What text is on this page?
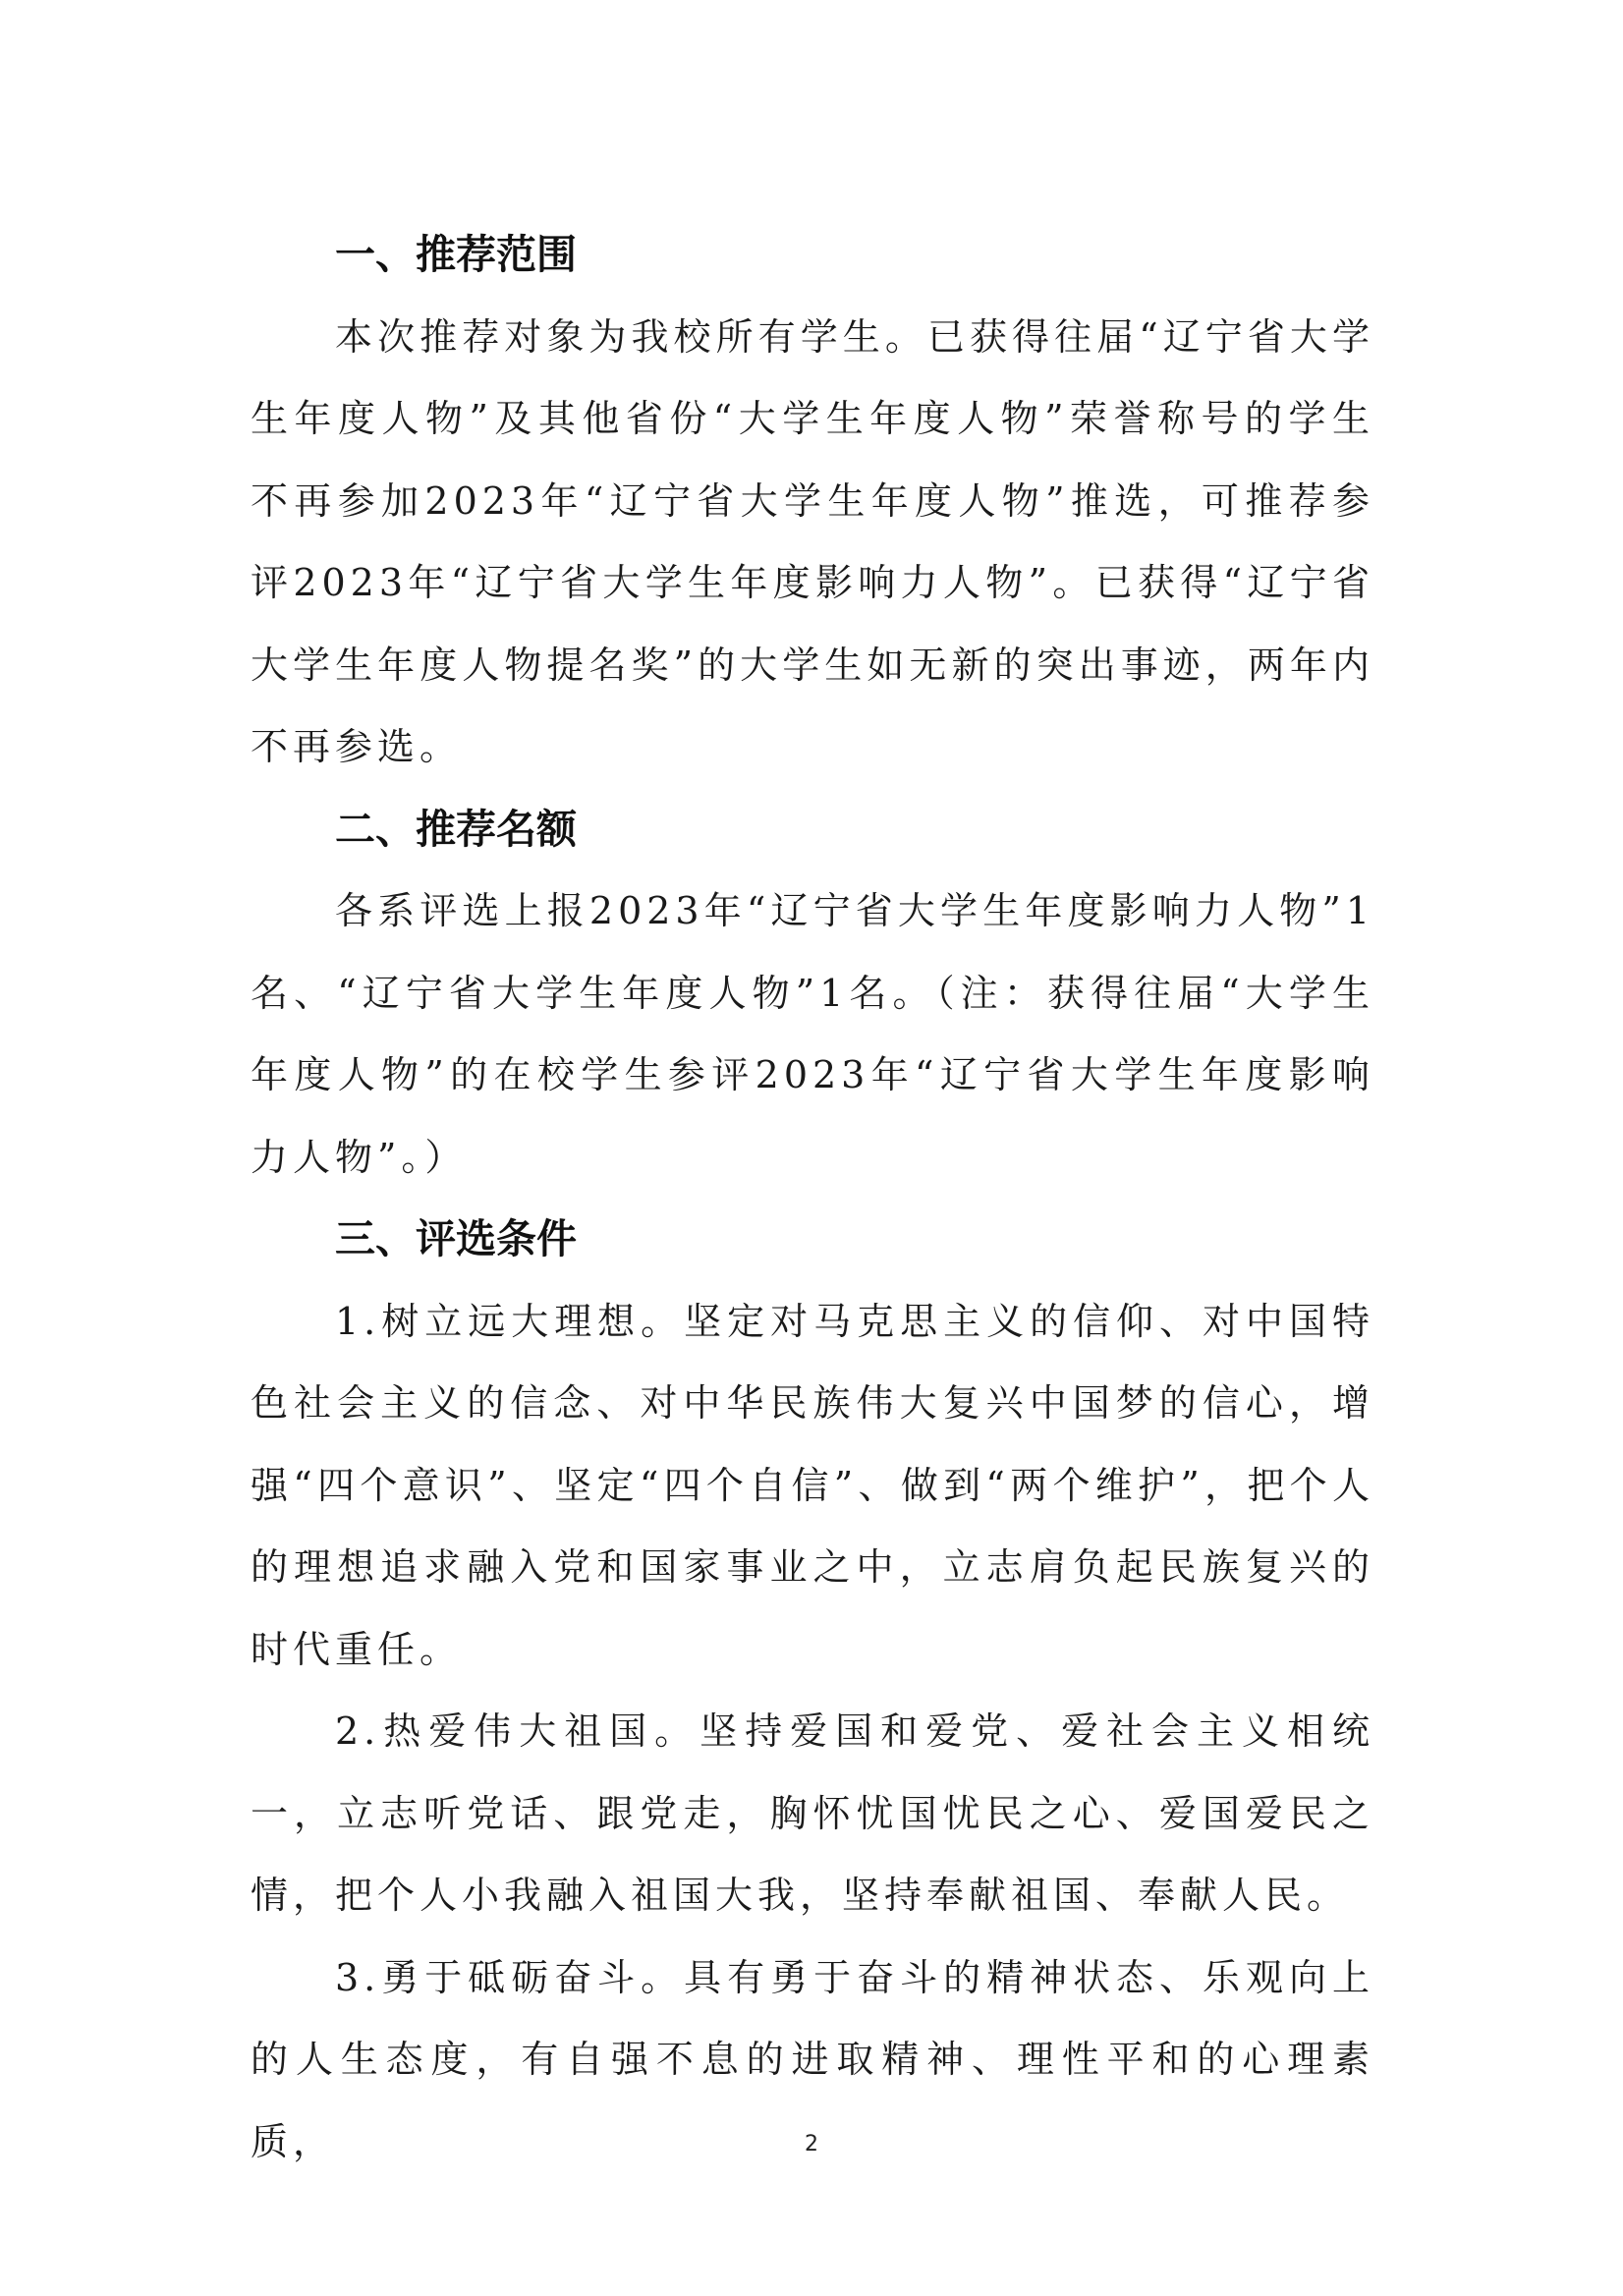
一、推荐范围

本次推荐对象为我校所有学生。已获得往届“辽宁省大学生年度人物”及其他省份“大学生年度人物”荣誉称号的学生不再参加2023年“辽宁省大学生年度人物”推选，可推荐参评2023年“辽宁省大学生年度影响力人物”。已获得“辽宁省大学生年度人物提名奖”的大学生如无新的突出事迹，两年内不再参选。

二、推荐名额

各系评选上报2023年“辽宁省大学生年度影响力人物”1名、“辽宁省大学生年度人物”1名。（注：获得往届“大学生年度人物”的在校学生参评2023年“辽宁省大学生年度影响力人物”。）

三、评选条件

1.树立远大理想。坚定对马克思主义的信仰、对中国特色社会主义的信念、对中华民族伟大复兴中国梦的信心，增强“四个意识”、坚定“四个自信”、做到“两个维护”，把个人的理想追求融入党和国家事业之中，立志肩负起民族复兴的时代重任。

2.热爱伟大祖国。坚持爱国和爱党、爱社会主义相统一，立志听党话、跟党走，胸怀忧国忧民之心、爱国爱民之情，把个人小我融入祖国大我，坚持奉献祖国、奉献人民。

3.勇于砥砺奋斗。具有勇于奋斗的精神状态、乐观向上的人生态度，有自强不息的进取精神、理性平和的心理素质，	2
